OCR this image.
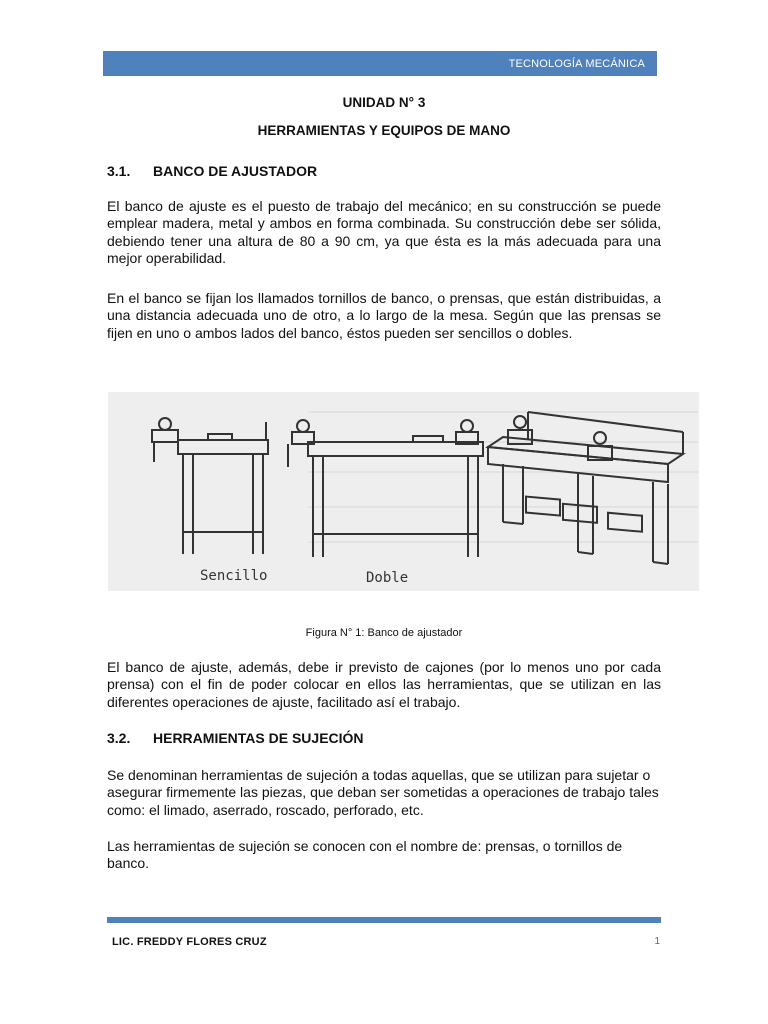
TECNOLOGÍA MECÁNICA
UNIDAD N° 3
HERRAMIENTAS Y EQUIPOS DE MANO
3.1.	BANCO DE AJUSTADOR

El banco de ajuste es el puesto de trabajo del mecánico; en su construcción se puede emplear madera, metal y ambos en forma combinada. Su construcción debe ser sólida, debiendo tener una altura de 80 a 90 cm, ya que ésta es la más adecuada para una mejor operabilidad.

En el banco se fijan los llamados tornillos de banco, o prensas, que están distribuidas, a una distancia adecuada uno de otro, a lo largo de la mesa. Según que las prensas se fijen en uno o ambos lados del banco, éstos pueden ser sencillos o dobles.

Sencillo	Doble
Figura N° 1: Banco de ajustador

El banco de ajuste, además, debe ir previsto de cajones (por lo menos uno por cada prensa) con el fin de poder colocar en ellos las herramientas, que se utilizan en las diferentes operaciones de ajuste, facilitado así el trabajo.

3.2.	HERRAMIENTAS DE SUJECIÓN

Se denominan herramientas de sujeción a todas aquellas, que se utilizan para sujetar o asegurar firmemente las piezas, que deban ser sometidas a operaciones de trabajo tales como: el limado, aserrado, roscado, perforado, etc.

Las herramientas de sujeción se conocen con el nombre de: prensas, o tornillos de banco.

LIC. FREDDY FLORES CRUZ	1
